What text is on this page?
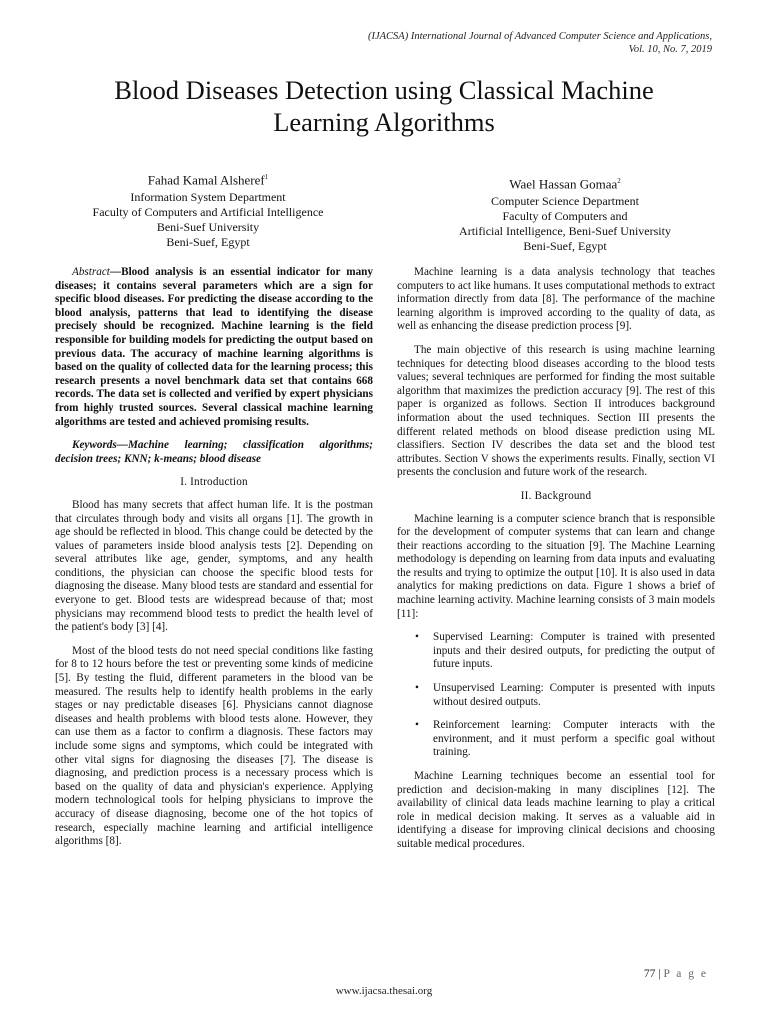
(IJACSA) International Journal of Advanced Computer Science and Applications,
Vol. 10, No. 7, 2019
Blood Diseases Detection using Classical Machine
Learning Algorithms
Fahad Kamal Alsheref$^1$
Information System Department
Faculty of Computers and Artificial Intelligence
Beni-Suef University
Beni-Suef, Egypt
Wael Hassan Gomaa$^2$
Computer Science Department
Faculty of Computers and
Artificial Intelligence, Beni-Suef University
Beni-Suef, Egypt

Abstract—Blood analysis is an essential indicator for many diseases; it contains several parameters which are a sign for specific blood diseases. For predicting the disease according to the blood analysis, patterns that lead to identifying the disease precisely should be recognized. Machine learning is the field responsible for building models for predicting the output based on previous data. The accuracy of machine learning algorithms is based on the quality of collected data for the learning process; this research presents a novel benchmark data set that contains 668 records. The data set is collected and verified by expert physicians from highly trusted sources. Several classical machine learning algorithms are tested and achieved promising results.

Keywords—Machine learning; classification algorithms; decision trees; KNN; k-means; blood disease

I. Introduction

Blood has many secrets that affect human life. It is the postman that circulates through body and visits all organs [1]. The growth in age should be reflected in blood. This change could be detected by the values of parameters inside blood analysis tests [2]. Depending on several attributes like age, gender, symptoms, and any health conditions, the physician can choose the specific blood tests for diagnosing the disease. Many blood tests are standard and essential for everyone to get. Blood tests are widespread because of that; most physicians may recommend blood tests to predict the health level of the patient's body [3] [4].

Most of the blood tests do not need special conditions like fasting for 8 to 12 hours before the test or preventing some kinds of medicine [5]. By testing the fluid, different parameters in the blood van be measured. The results help to identify health problems in the early stages or nay predictable diseases [6]. Physicians cannot diagnose diseases and health problems with blood tests alone. However, they can use them as a factor to confirm a diagnosis. These factors may include some signs and symptoms, which could be integrated with other vital signs for diagnosing the diseases [7]. The disease is diagnosing, and prediction process is a necessary process which is based on the quality of data and physician's experience. Applying modern technological tools for helping physicians to improve the accuracy of disease diagnosing, become one of the hot topics of research, especially machine learning and artificial intelligence algorithms [8].

Machine learning is a data analysis technology that teaches computers to act like humans. It uses computational methods to extract information directly from data [8]. The performance of the machine learning algorithm is improved according to the quality of data, as well as enhancing the disease prediction process [9].

The main objective of this research is using machine learning techniques for detecting blood diseases according to the blood tests values; several techniques are performed for finding the most suitable algorithm that maximizes the prediction accuracy [9]. The rest of this paper is organized as follows. Section II introduces background information about the used techniques. Section III presents the different related methods on blood disease prediction using ML classifiers. Section IV describes the data set and the blood test attributes. Section V shows the experiments results. Finally, section VI presents the conclusion and future work of the research.

II. Background

Machine learning is a computer science branch that is responsible for the development of computer systems that can learn and change their reactions according to the situation [9]. The Machine Learning methodology is depending on learning from data inputs and evaluating the results and trying to optimize the output [10]. It is also used in data analytics for making predictions on data. Figure 1 shows a brief of machine learning activity. Machine learning consists of 3 main models [11]:

• Supervised Learning: Computer is trained with presented inputs and their desired outputs, for predicting the output of future inputs.
• Unsupervised Learning: Computer is presented with inputs without desired outputs.
• Reinforcement learning: Computer interacts with the environment, and it must perform a specific goal without training.

Machine Learning techniques become an essential tool for prediction and decision-making in many disciplines [12]. The availability of clinical data leads machine learning to play a critical role in medical decision making. It serves as a valuable aid in identifying a disease for improving clinical decisions and choosing suitable medical procedures.

77 | P a g e
www.ijacsa.thesai.org
